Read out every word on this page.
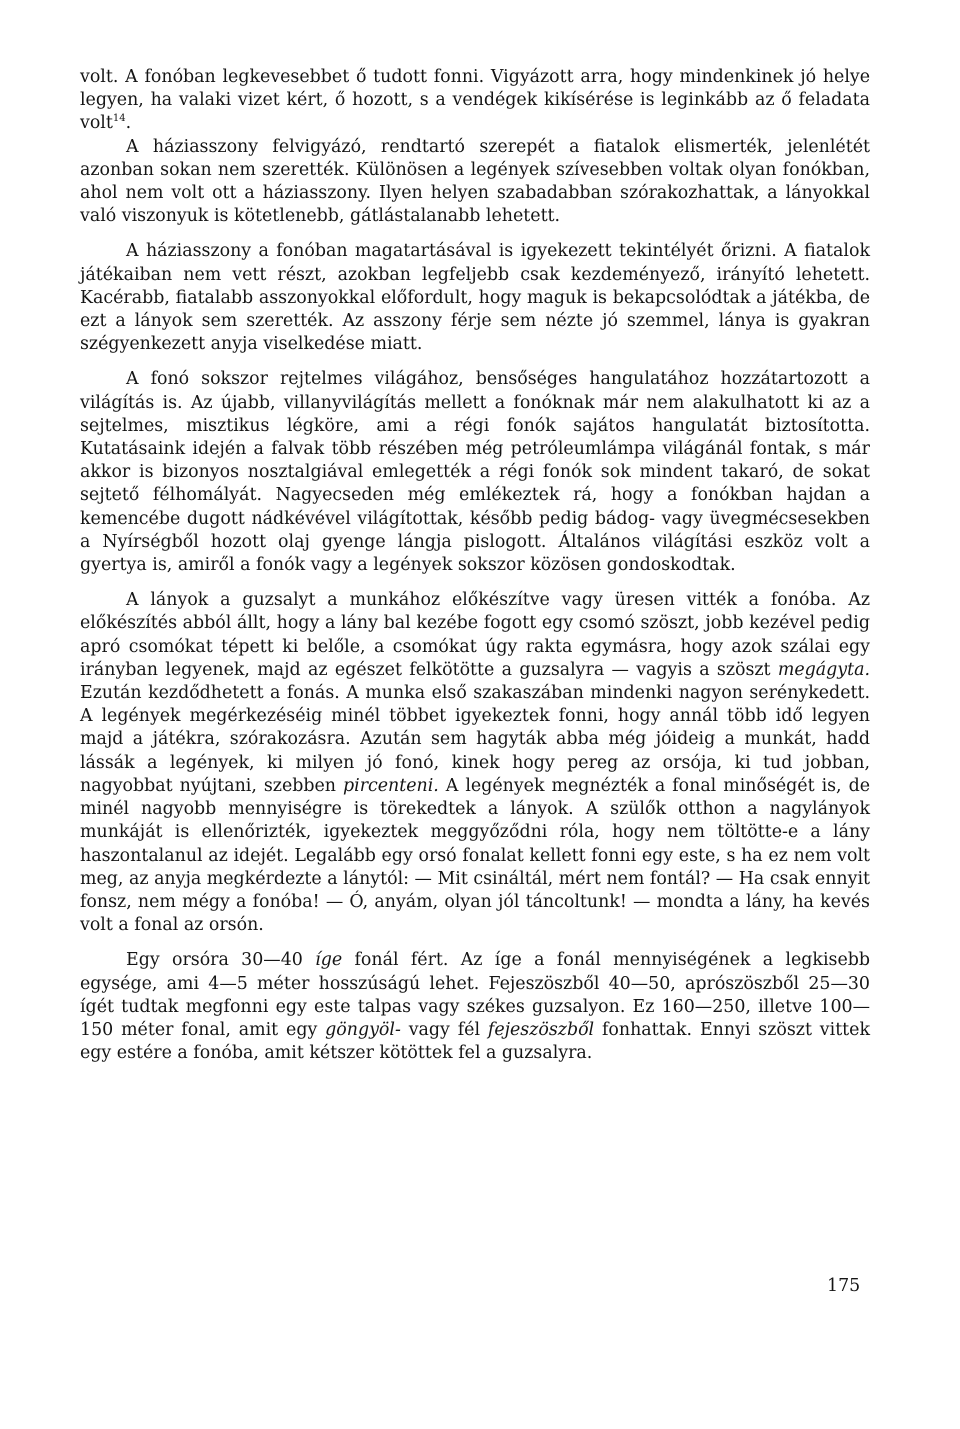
volt. A fonóban legkevesebbet ő tudott fonni. Vigyázott arra, hogy mindenkinek jó helye legyen, ha valaki vizet kért, ő hozott, s a vendégek kikísérése is leginkább az ő feladata volt$^{14}$.

A háziasszony felvigyázó, rendtartó szerepét a fiatalok elismerték, jelenlétét azonban sokan nem szerették. Különösen a legények szívesebben voltak olyan fonókban, ahol nem volt ott a háziasszony. Ilyen helyen szabadabban szórakozhattak, a lányokkal való viszonyuk is kötetlenebb, gátlástalanabb lehetett.

A háziasszony a fonóban magatartásával is igyekezett tekintélyét őrizni. A fiatalok játékaiban nem vett részt, azokban legfeljebb csak kezdeményező, irányító lehetett. Kacérabb, fiatalabb asszonyokkal előfordult, hogy maguk is bekapcsolódtak a játékba, de ezt a lányok sem szerették. Az asszony férje sem nézte jó szemmel, lánya is gyakran szégyenkezett anyja viselkedése miatt.

A fonó sokszor rejtelmes világához, bensőséges hangulatához hozzátartozott a világítás is. Az újabb, villanyvilágítás mellett a fonóknak már nem alakulhatott ki az a sejtelmes, misztikus légköre, ami a régi fonók sajátos hangulatát biztosította. Kutatásaink idején a falvak több részében még petróleumlámpa világánál fontak, s már akkor is bizonyos nosztalgiával emlegették a régi fonók sok mindent takaró, de sokat sejtető félhomályát. Nagyecseden még emlékeztek rá, hogy a fonókban hajdan a kemencébe dugott nádkévével világítottak, később pedig bádog- vagy üvegmécsesekben a Nyírségből hozott olaj gyenge lángja pislogott. Általános világítási eszköz volt a gyertya is, amiről a fonók vagy a legények sokszor közösen gondoskodtak.

A lányok a guzsalyt a munkához előkészítve vagy üresen vitték a fonóba. Az előkészítés abból állt, hogy a lány bal kezébe fogott egy csomó szöszt, jobb kezével pedig apró csomókat tépett ki belőle, a csomókat úgy rakta egymásra, hogy azok szálai egy irányban legyenek, majd az egészet felkötötte a guzsalyra — vagyis a szöszt megágyta. Ezután kezdődhetett a fonás. A munka első szakaszában mindenki nagyon serénykedett. A legények megérkezéséig minél többet igyekeztek fonni, hogy annál több idő legyen majd a játékra, szórakozásra. Azután sem hagyták abba még jóideig a munkát, hadd lássák a legények, ki milyen jó fonó, kinek hogy pereg az orsója, ki tud jobban, nagyobbat nyújtani, szebben pircenteni. A legények megnézték a fonal minőségét is, de minél nagyobb mennyiségre is törekedtek a lányok. A szülők otthon a nagylányok munkáját is ellenőrizték, igyekeztek meggyőződni róla, hogy nem töltötte-e a lány haszontalanul az idejét. Legalább egy orsó fonalat kellett fonni egy este, s ha ez nem volt meg, az anyja megkérdezte a lánytól: — Mit csináltál, mért nem fontál? — Ha csak ennyit fonsz, nem mégy a fonóba! — Ó, anyám, olyan jól táncoltunk! — mondta a lány, ha kevés volt a fonal az orsón.

Egy orsóra 30—40 íge fonál fért. Az íge a fonál mennyiségének a legkisebb egysége, ami 4—5 méter hosszúságú lehet. Fejeszöszből 40—50, aprószöszből 25—30 ígét tudtak megfonni egy este talpas vagy székes guzsalyon. Ez 160—250, illetve 100—150 méter fonal, amit egy göngyöl- vagy fél fejeszöszből fonhattak. Ennyi szöszt vittek egy estére a fonóba, amit kétszer kötöttek fel a guzsalyra.

175
